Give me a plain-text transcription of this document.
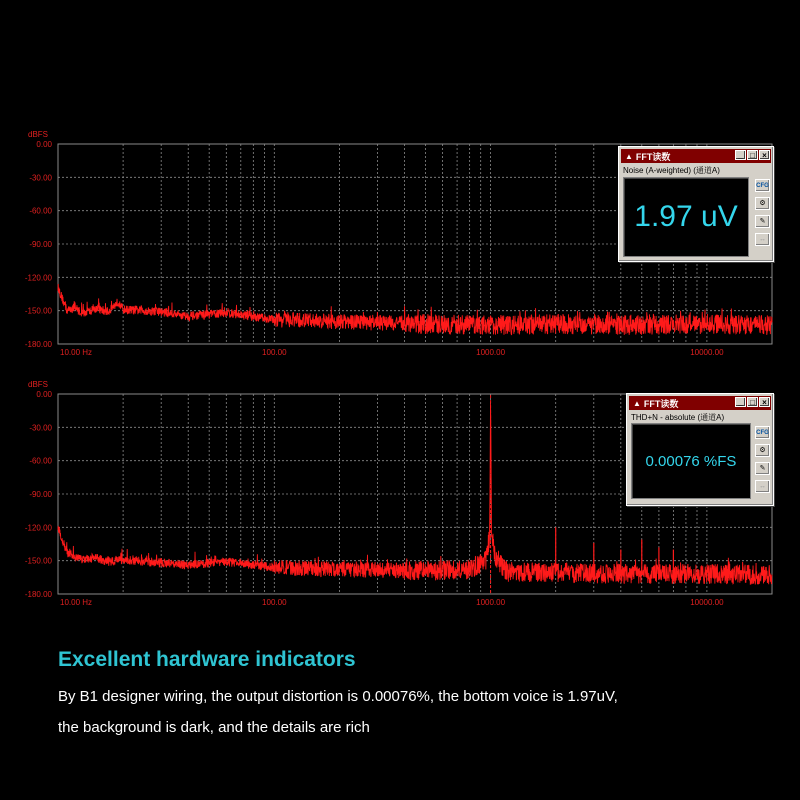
0.00
-30.00
-60.00
-90.00
-120.00
-150.00
-180.00
dBFS
10.00 Hz	100.00	1000.00	10000.00
0.00
-30.00
-60.00
-90.00
-120.00
-150.00
-180.00
dBFS
10.00 Hz	100.00	1000.00	10000.00
▲ FFT读数	_ □ ×
Noise (A-weighted) (通道A)
1.97 uV
CFG
⚙
✎
↔
▲ FFT读数	_ □ ×
THD+N - absolute (通道A)
0.00076 %FS
CFG
⚙
✎
↔
Excellent hardware indicators
By B1 designer wiring, the output distortion is 0.00076%, the bottom voice is 1.97uV,
the background is dark, and the details are rich
